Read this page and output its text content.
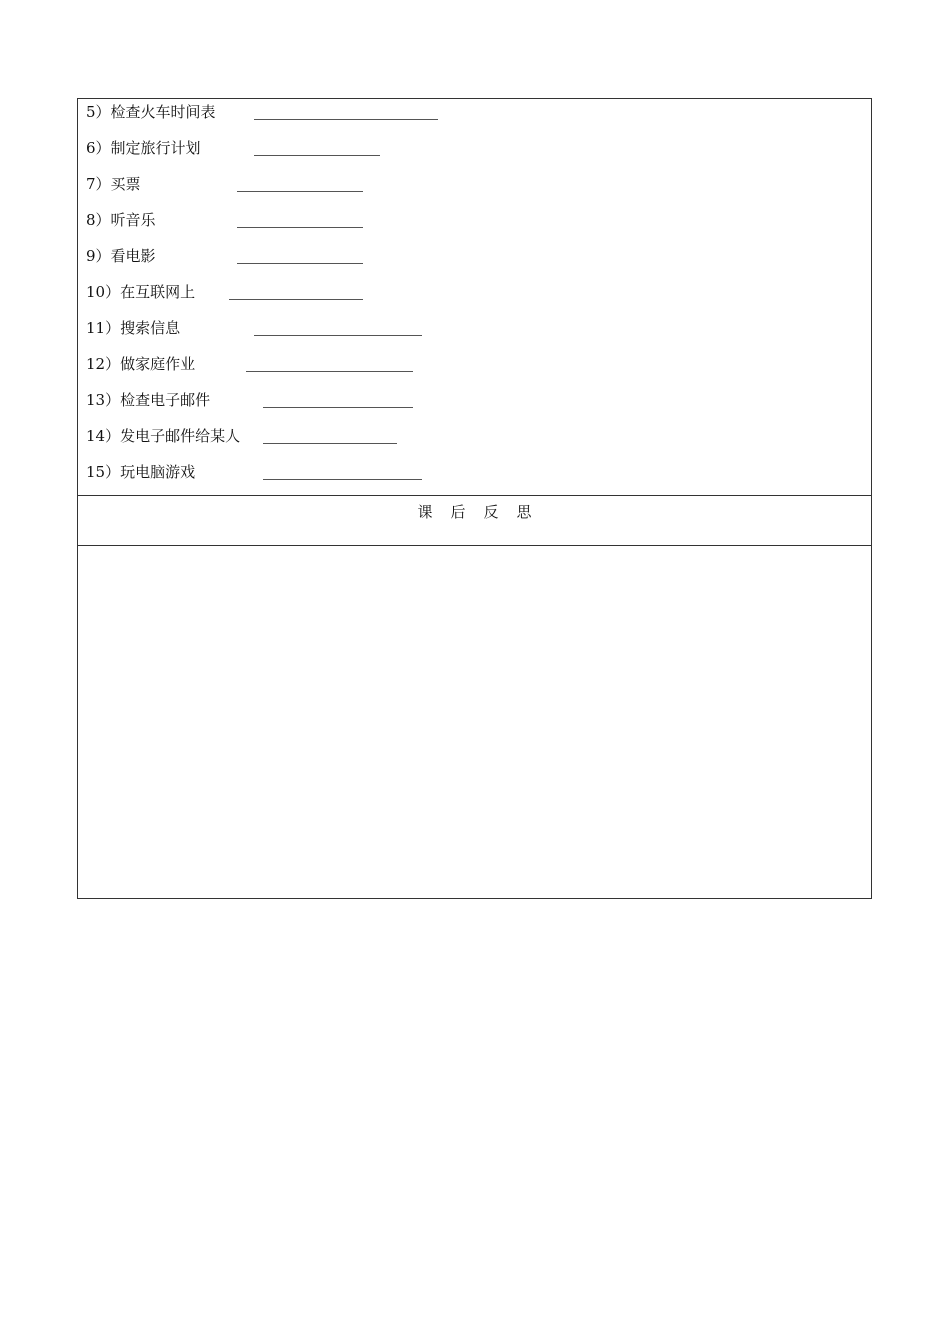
5）检查火车时间表
6）制定旅行计划
7）买票
8）听音乐
9）看电影
10）在互联网上
11）搜索信息
12）做家庭作业
13）检查电子邮件
14）发电子邮件给某人
15）玩电脑游戏
课后反思
